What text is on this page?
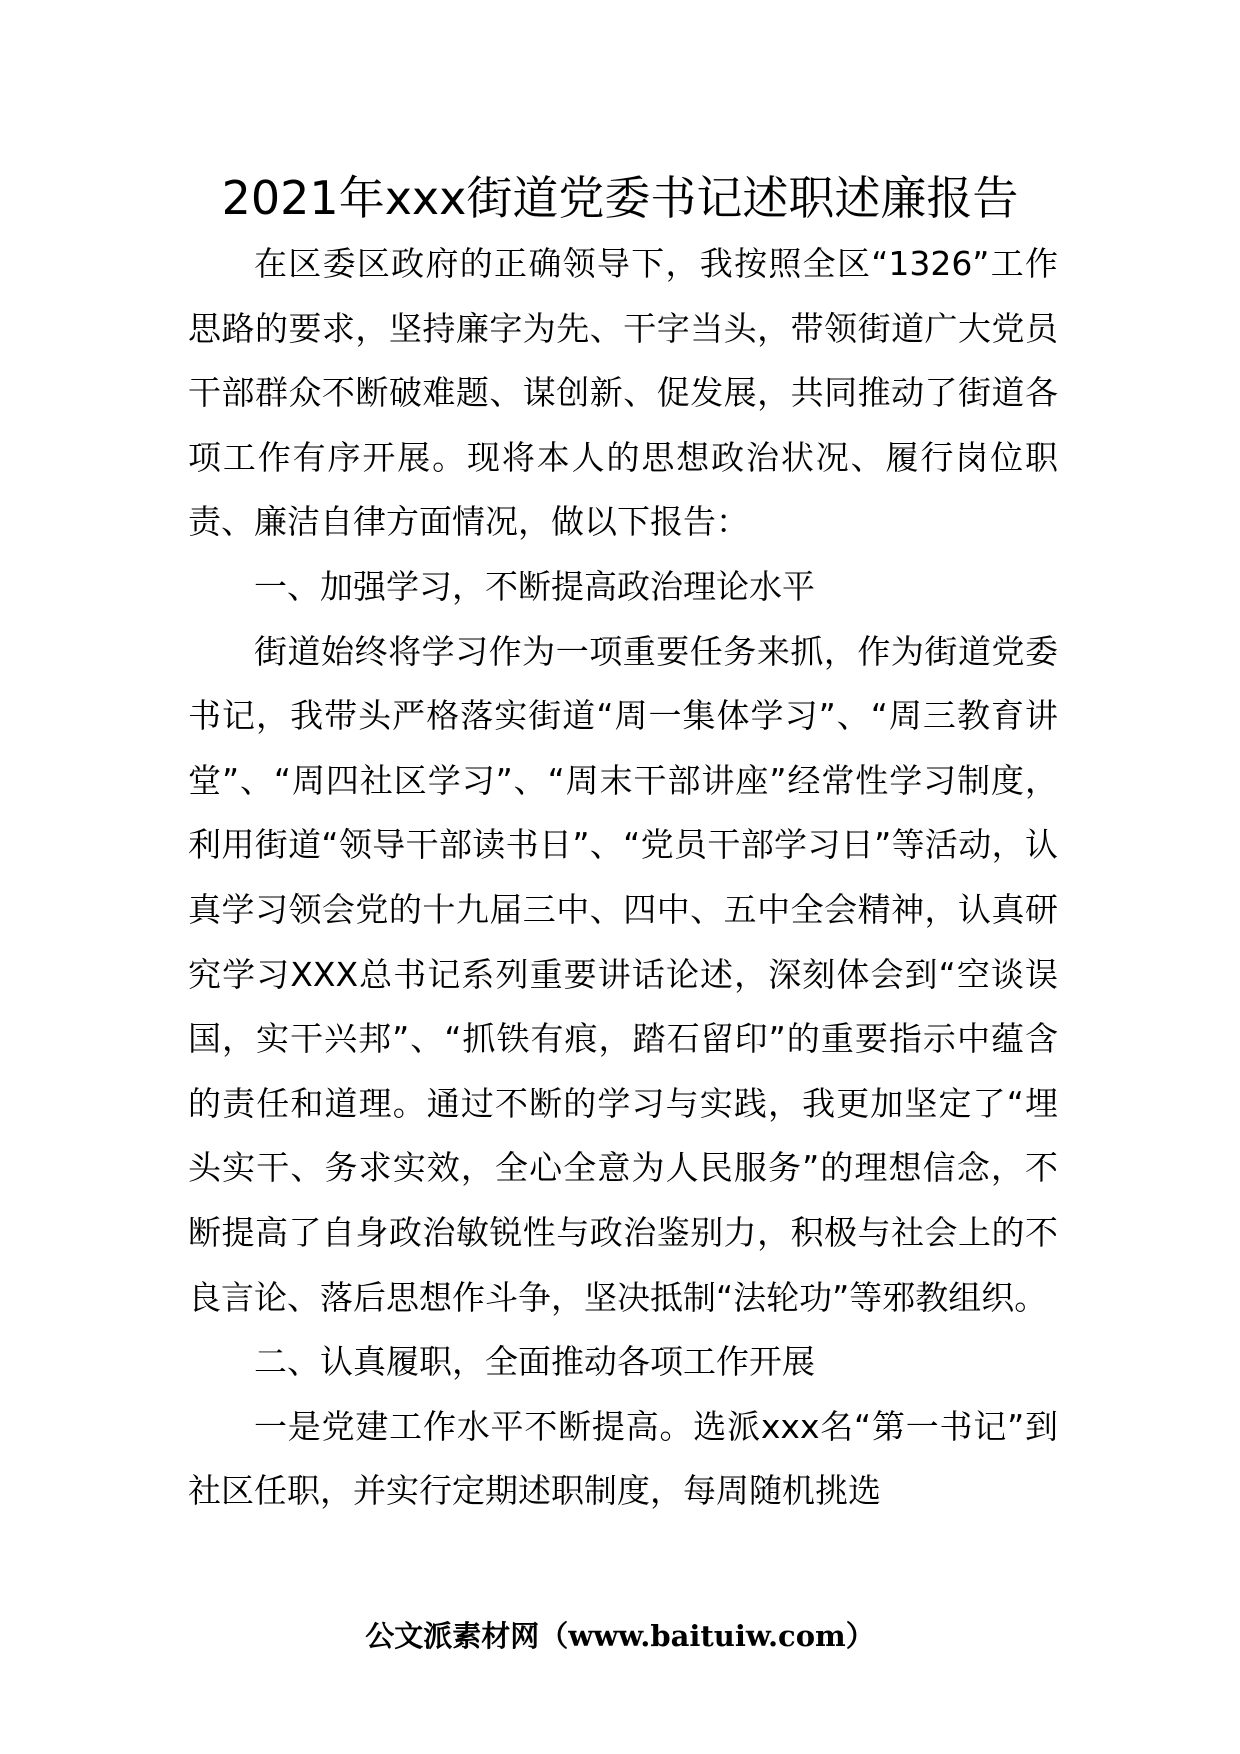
2021年xxx街道党委书记述职述廉报告

在区委区政府的正确领导下，我按照全区“1326”工作思路的要求，坚持廉字为先、干字当头，带领街道广大党员干部群众不断破难题、谋创新、促发展，共同推动了街道各项工作有序开展。现将本人的思想政治状况、履行岗位职责、廉洁自律方面情况，做以下报告：

一、加强学习，不断提高政治理论水平

街道始终将学习作为一项重要任务来抓，作为街道党委书记，我带头严格落实街道“周一集体学习”、“周三教育讲堂”、“周四社区学习”、“周末干部讲座”经常性学习制度，利用街道“领导干部读书日”、“党员干部学习日”等活动，认真学习领会党的十九届三中、四中、五中全会精神，认真研究学习XXX总书记系列重要讲话论述，深刻体会到“空谈误国，实干兴邦”、“抓铁有痕，踏石留印”的重要指示中蕴含的责任和道理。通过不断的学习与实践，我更加坚定了“埋头实干、务求实效，全心全意为人民服务”的理想信念，不断提高了自身政治敏锐性与政治鉴别力，积极与社会上的不良言论、落后思想作斗争，坚决抵制“法轮功”等邪教组织。

二、认真履职，全面推动各项工作开展

一是党建工作水平不断提高。选派xxx名“第一书记”到社区任职，并实行定期述职制度，每周随机挑选

公文派素材网（www.baituiw.com）
